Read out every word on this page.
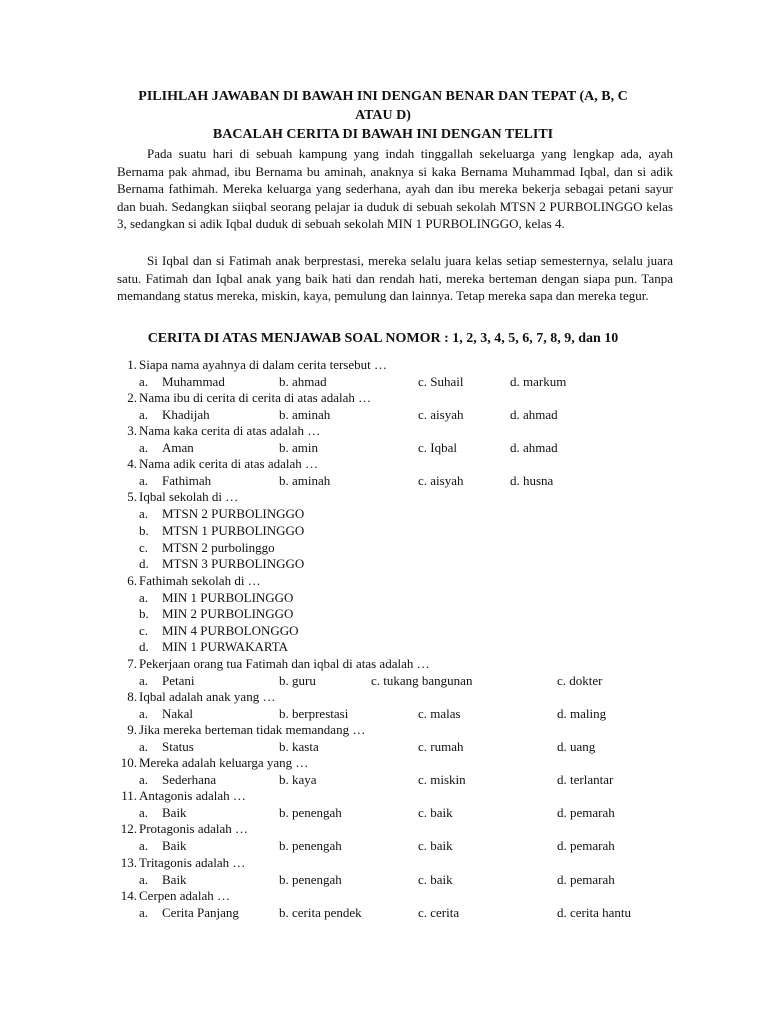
PILIHLAH JAWABAN DI BAWAH INI DENGAN BENAR DAN TEPAT (A, B, C
ATAU D)
BACALAH CERITA DI BAWAH INI DENGAN TELITI

Pada suatu hari di sebuah kampung yang indah tinggallah sekeluarga yang lengkap ada, ayah Bernama pak ahmad, ibu Bernama bu aminah, anaknya si kaka Bernama Muhammad Iqbal, dan si adik Bernama fathimah. Mereka keluarga yang sederhana, ayah dan ibu mereka bekerja sebagai petani sayur dan buah. Sedangkan siiqbal seorang pelajar ia duduk di sebuah sekolah MTSN 2 PURBOLINGGO kelas 3, sedangkan si adik Iqbal duduk di sebuah sekolah MIN 1 PURBOLINGGO, kelas 4.

Si Iqbal dan si Fatimah anak berprestasi, mereka selalu juara kelas setiap semesternya, selalu juara satu. Fatimah dan Iqbal anak yang baik hati dan rendah hati, mereka berteman dengan siapa pun. Tanpa memandang status mereka, miskin, kaya, pemulung dan lainnya. Tetap mereka sapa dan mereka tegur.

CERITA DI ATAS MENJAWAB SOAL NOMOR : 1, 2, 3, 4, 5, 6, 7, 8, 9, dan 10
1. Siapa nama ayahnya di dalam cerita tersebut …
a. Muhammad	b. ahmad	c. Suhail	d. markum
2. Nama ibu di cerita di cerita di atas adalah …
a. Khadijah	b. aminah	c. aisyah	d. ahmad
3. Nama kaka cerita di atas adalah …
a. Aman	b. amin	c. Iqbal	d. ahmad
4. Nama adik cerita di atas adalah …
a. Fathimah	b. aminah	c. aisyah	d. husna
5. Iqbal sekolah di …
a. MTSN 2 PURBOLINGGO
b. MTSN 1 PURBOLINGGO
c. MTSN 2 purbolinggo
d. MTSN 3 PURBOLINGGO
6. Fathimah sekolah di …
a. MIN 1 PURBOLINGGO
b. MIN 2 PURBOLINGGO
c. MIN 4 PURBOLONGGO
d. MIN 1 PURWAKARTA
7. Pekerjaan orang tua Fatimah dan iqbal di atas adalah …
a. Petani	b. guru	c. tukang bangunan	c. dokter
8. Iqbal adalah anak yang …
a. Nakal	b. berprestasi	c. malas	d. maling
9. Jika mereka berteman tidak memandang …
a. Status	b. kasta	c. rumah	d. uang
10. Mereka adalah keluarga yang …
a. Sederhana	b. kaya	c. miskin	d. terlantar
11. Antagonis adalah …
a. Baik	b. penengah	c. baik	d. pemarah
12. Protagonis adalah …
a. Baik	b. penengah	c. baik	d. pemarah
13. Tritagonis adalah …
a. Baik	b. penengah	c. baik	d. pemarah
14. Cerpen adalah …
a. Cerita Panjang	b. cerita pendek	c. cerita	d. cerita hantu
